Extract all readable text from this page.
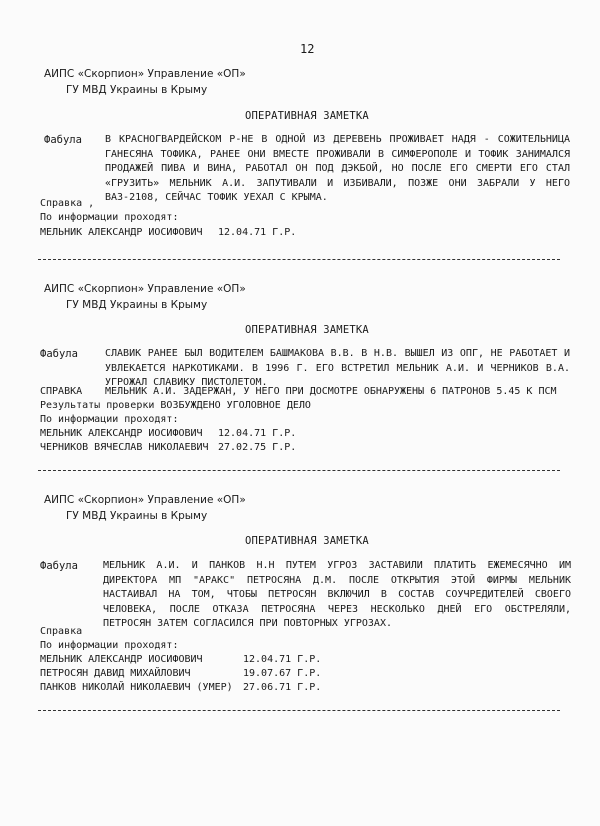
12
АИПС «Скорпион» Управление «ОП»
ГУ МВД Украины в Крыму
ОПЕРАТИВНАЯ ЗАМЕТКА
Фабула В КРАСНОГВАРДЕЙСКОМ Р-НЕ В ОДНОЙ ИЗ ДЕРЕВЕНЬ ПРОЖИВАЕТ НАДЯ - СОЖИТЕЛЬНИЦА ГАНЕСЯНА ТОФИКА, РАНЕЕ ОНИ ВМЕСТЕ ПРОЖИВАЛИ В СИМФЕРОПОЛЕ И ТОФИК ЗАНИМАЛСЯ ПРОДАЖЕЙ ПИВА И ВИНА, РАБОТАЛ ОН ПОД ДЭКБОЙ, НО ПОСЛЕ ЕГО СМЕРТИ ЕГО СТАЛ «ГРУЗИТЬ» МЕЛЬНИК А.И. ЗАПУТИВАЛИ И ИЗБИВАЛИ, ПОЗЖЕ ОНИ ЗАБРАЛИ У НЕГО ВАЗ-2108, СЕЙЧАС ТОФИК УЕХАЛ С КРЫМА.
Справка ,
По информации проходят:
МЕЛЬНИК АЛЕКСАНДР ИОСИФОВИЧ 12.04.71 Г.Р.
АИПС «Скорпион» Управление «ОП»
ГУ МВД Украины в Крыму
ОПЕРАТИВНАЯ ЗАМЕТКА
Фабула	СЛАВИК РАНЕЕ БЫЛ ВОДИТЕЛЕМ БАШМАКОВА В.В. В Н.В. ВЫШЕЛ ИЗ ОПГ, НЕ РАБОТАЕТ И УВЛЕКАЕТСЯ НАРКОТИКАМИ. В 1996 Г. ЕГО ВСТРЕТИЛ МЕЛЬНИК А.И. И ЧЕРНИКОВ В.А. УГРОЖАЛ СЛАВИКУ ПИСТОЛЕТОМ.
СПРАВКА МЕЛЬНИК А.И. ЗАДЕРЖАН, У НЕГО ПРИ ДОСМОТРЕ ОБНАРУЖЕНЫ 6 ПАТРОНОВ 5.45 К ПСМ
Результаты проверки ВОЗБУЖДЕНО УГОЛОВНОЕ ДЕЛО
По информации проходят:
МЕЛЬНИК АЛЕКСАНДР ИОСИФОВИЧ 12.04.71 Г.Р.
ЧЕРНИКОВ ВЯЧЕСЛАВ НИКОЛАЕВИЧ 27.02.75 Г.Р.
АИПС «Скорпион» Управление «ОП»
ГУ МВД Украины в Крыму
ОПЕРАТИВНАЯ ЗАМЕТКА
Фабула	МЕЛЬНИК А.И. И ПАНКОВ Н.Н ПУТЕМ УГРОЗ ЗАСТАВИЛИ ПЛАТИТЬ ЕЖЕМЕСЯЧНО ИМ ДИРЕКТОРА МП "АРАКС" ПЕТРОСЯНА Д.М. ПОСЛЕ ОТКРЫТИЯ ЭТОЙ ФИРМЫ МЕЛЬНИК НАСТАИВАЛ НА ТОМ, ЧТОБЫ ПЕТРОСЯН ВКЛЮЧИЛ В СОСТАВ СОУЧРЕДИТЕЛЕЙ СВОЕГО ЧЕЛОВЕКА, ПОСЛЕ ОТКАЗА ПЕТРОСЯНА ЧЕРЕЗ НЕСКОЛЬКО ДНЕЙ ЕГО ОБСТРЕЛЯЛИ, ПЕТРОСЯН ЗАТЕМ СОГЛАСИЛСЯ ПРИ ПОВТОРНЫХ УГРОЗАХ.
Справка
По информации проходят:
МЕЛЬНИК АЛЕКСАНДР ИОСИФОВИЧ	12.04.71 Г.Р.
ПЕТРОСЯН ДАВИД МИХАЙЛОВИЧ	19.07.67 Г.Р.
ПАНКОВ НИКОЛАЙ НИКОЛАЕВИЧ (УМЕР) 27.06.71 Г.Р.
